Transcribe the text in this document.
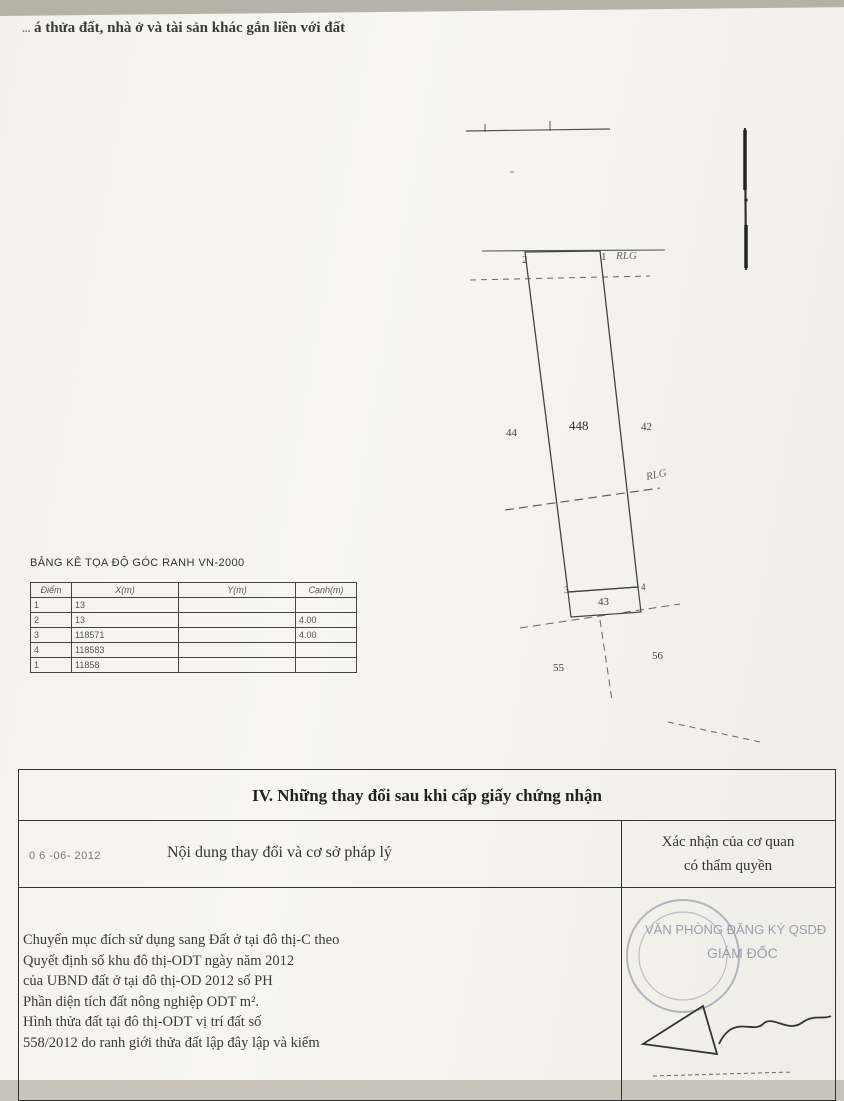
... á thửa đất, nhà ở và tài sản khác gắn liền với đất
2	1 RLG
448
44	42
RLG
3	4
43
55
56
BẢNG KÊ TỌA ĐỘ GÓC RANH VN-2000
Điểm	X(m)	Y(m)	Cạnh(m)
1	13		
2	13		4.00
3	118571		4.00
4	118583		
1	11858		
IV. Những thay đổi sau khi cấp giấy chứng nhận
0 6 -06- 2012	Nội dung thay đổi và cơ sở pháp lý
Xác nhận của cơ quan
có thẩm quyền
Chuyển mục đích sử dụng sang Đất ở tại đô thị-C theo
Quyết định số khu đô thị-ODT ngày năm 2012
của UBND đất ở tại đô thị-OD 2012 số PH
Phần diện tích đất nông nghiệp ODT m².
Hình thửa đất tại đô thị-ODT vị trí đất số
558/2012 do ranh giới thửa đất lập đây lập và kiểm
VĂN PHÒNG ĐĂNG KÝ QSDĐ
GIÁM ĐỐC
